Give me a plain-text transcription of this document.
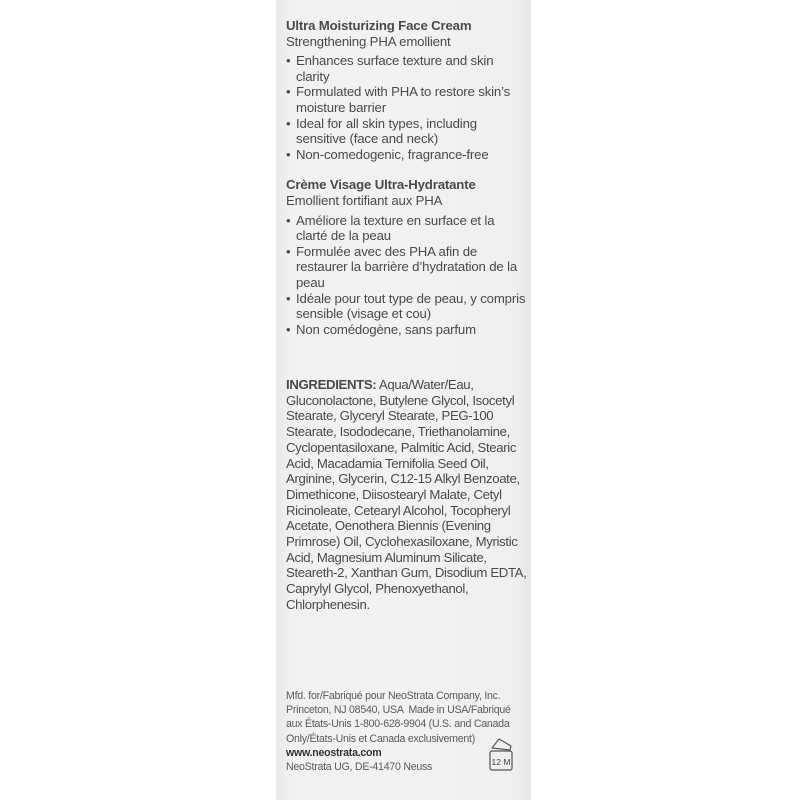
Ultra Moisturizing Face Cream

Strengthening PHA emollient

• Enhances surface texture and skin clarity
• Formulated with PHA to restore skin’s moisture barrier
• Ideal for all skin types, including sensitive (face and neck)
• Non-comedogenic, fragrance-free

Crème Visage Ultra-Hydratante

Emollient fortifiant aux PHA

• Améliore la texture en surface et la clarté de la peau
• Formulée avec des PHA afin de restaurer la barrière d’hydratation de la peau
• Idéale pour tout type de peau, y compris sensible (visage et cou)
• Non comédogène, sans parfum

INGREDIENTS: Aqua/Water/Eau, Gluconolactone, Butylene Glycol, Isocetyl Stearate, Glyceryl Stearate, PEG-100 Stearate, Isododecane, Triethanolamine, Cyclopentasiloxane, Palmitic Acid, Stearic Acid, Macadamia Ternifolia Seed Oil, Arginine, Glycerin, C12-15 Alkyl Benzoate, Dimethicone, Diisostearyl Malate, Cetyl Ricinoleate, Cetearyl Alcohol, Tocopheryl Acetate, Oenothera Biennis (Evening Primrose) Oil, Cyclohexasiloxane, Myristic Acid, Magnesium Aluminum Silicate, Steareth-2, Xanthan Gum, Disodium EDTA, Caprylyl Glycol, Phenoxyethanol, Chlorphenesin.

Mfd. for/Fabriqué pour NeoStrata Company, Inc.

Princeton, NJ 08540, USA  Made in USA/Fabriqué

aux États-Unis 1-800-628-9904 (U.S. and Canada

Only/États-Unis et Canada exclusivement)

www.neostrata.com

NeoStrata UG, DE-41470 Neuss	12 M
